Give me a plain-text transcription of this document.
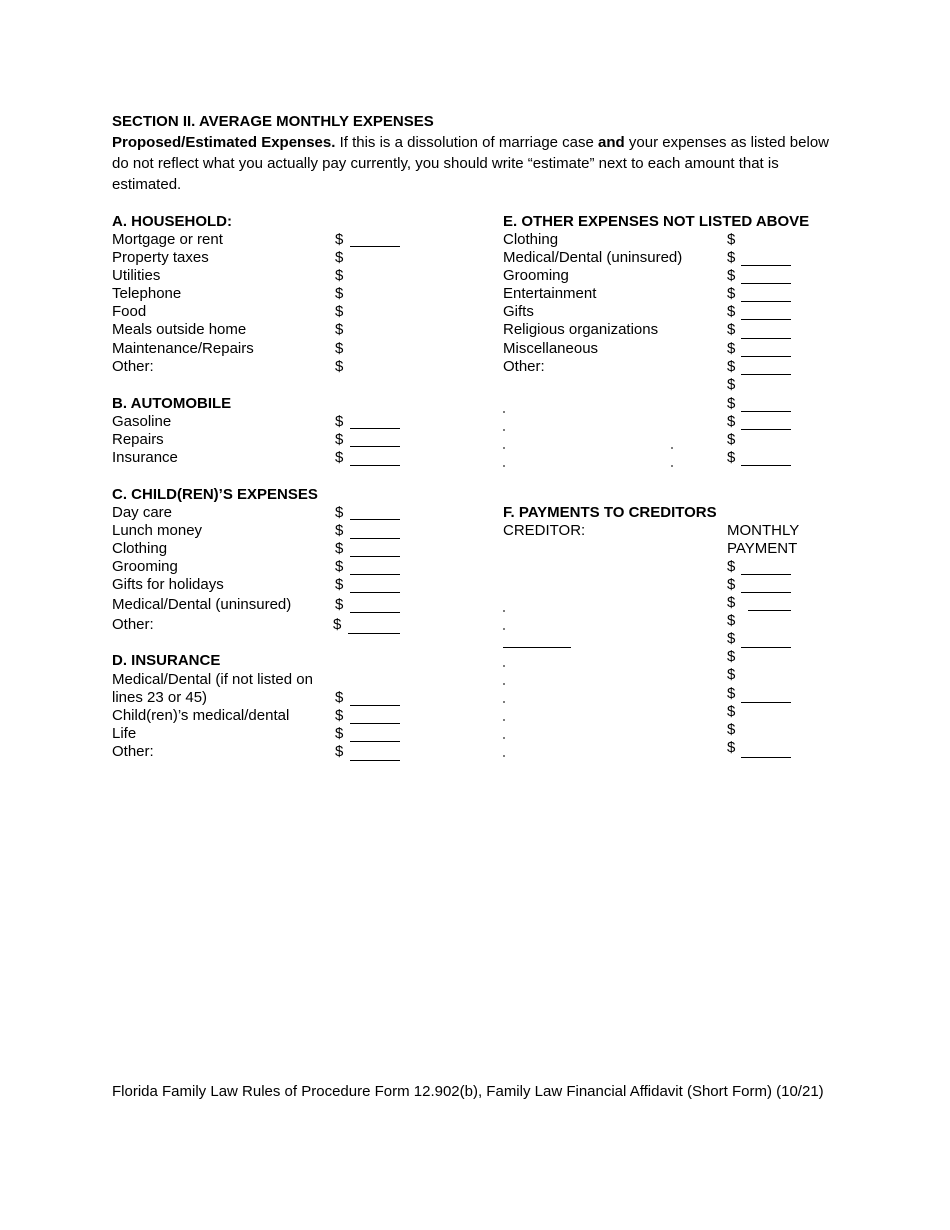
SECTION II. AVERAGE MONTHLY EXPENSES
Proposed/Estimated Expenses. If this is a dissolution of marriage case and your expenses as listed below do not reflect what you actually pay currently, you should write “estimate” next to each amount that is estimated.
A. HOUSEHOLD:
Mortgage or rent
Property taxes
Utilities
Telephone
Food
Meals outside home
Maintenance/Repairs
Other:
$
$
$
$
$
$
$
$
B. AUTOMOBILE
Gasoline
Repairs
Insurance
$
$
$
C. CHILD(REN)’S EXPENSES
Day care
Lunch money
Clothing
Grooming
Gifts for holidays
Medical/Dental (uninsured)
Other:
$
$
$
$
$
$
$
D. INSURANCE
Medical/Dental (if not listed on
lines 23 or 45)
Child(ren)’s medical/dental
Life
Other:
$
$
$
$
E. OTHER EXPENSES NOT LISTED ABOVE
Clothing
Medical/Dental (uninsured)
Grooming
Entertainment
Gifts
Religious organizations
Miscellaneous
Other:
$
$
$
$
$
$
$
$
$
$
$
$
$
F. PAYMENTS TO CREDITORS
CREDITOR:	MONTHLY
PAYMENT
$
$
$
$
$
$
$
$
$
$
$
Florida Family Law Rules of Procedure Form 12.902(b), Family Law Financial Affidavit (Short Form) (10/21)
